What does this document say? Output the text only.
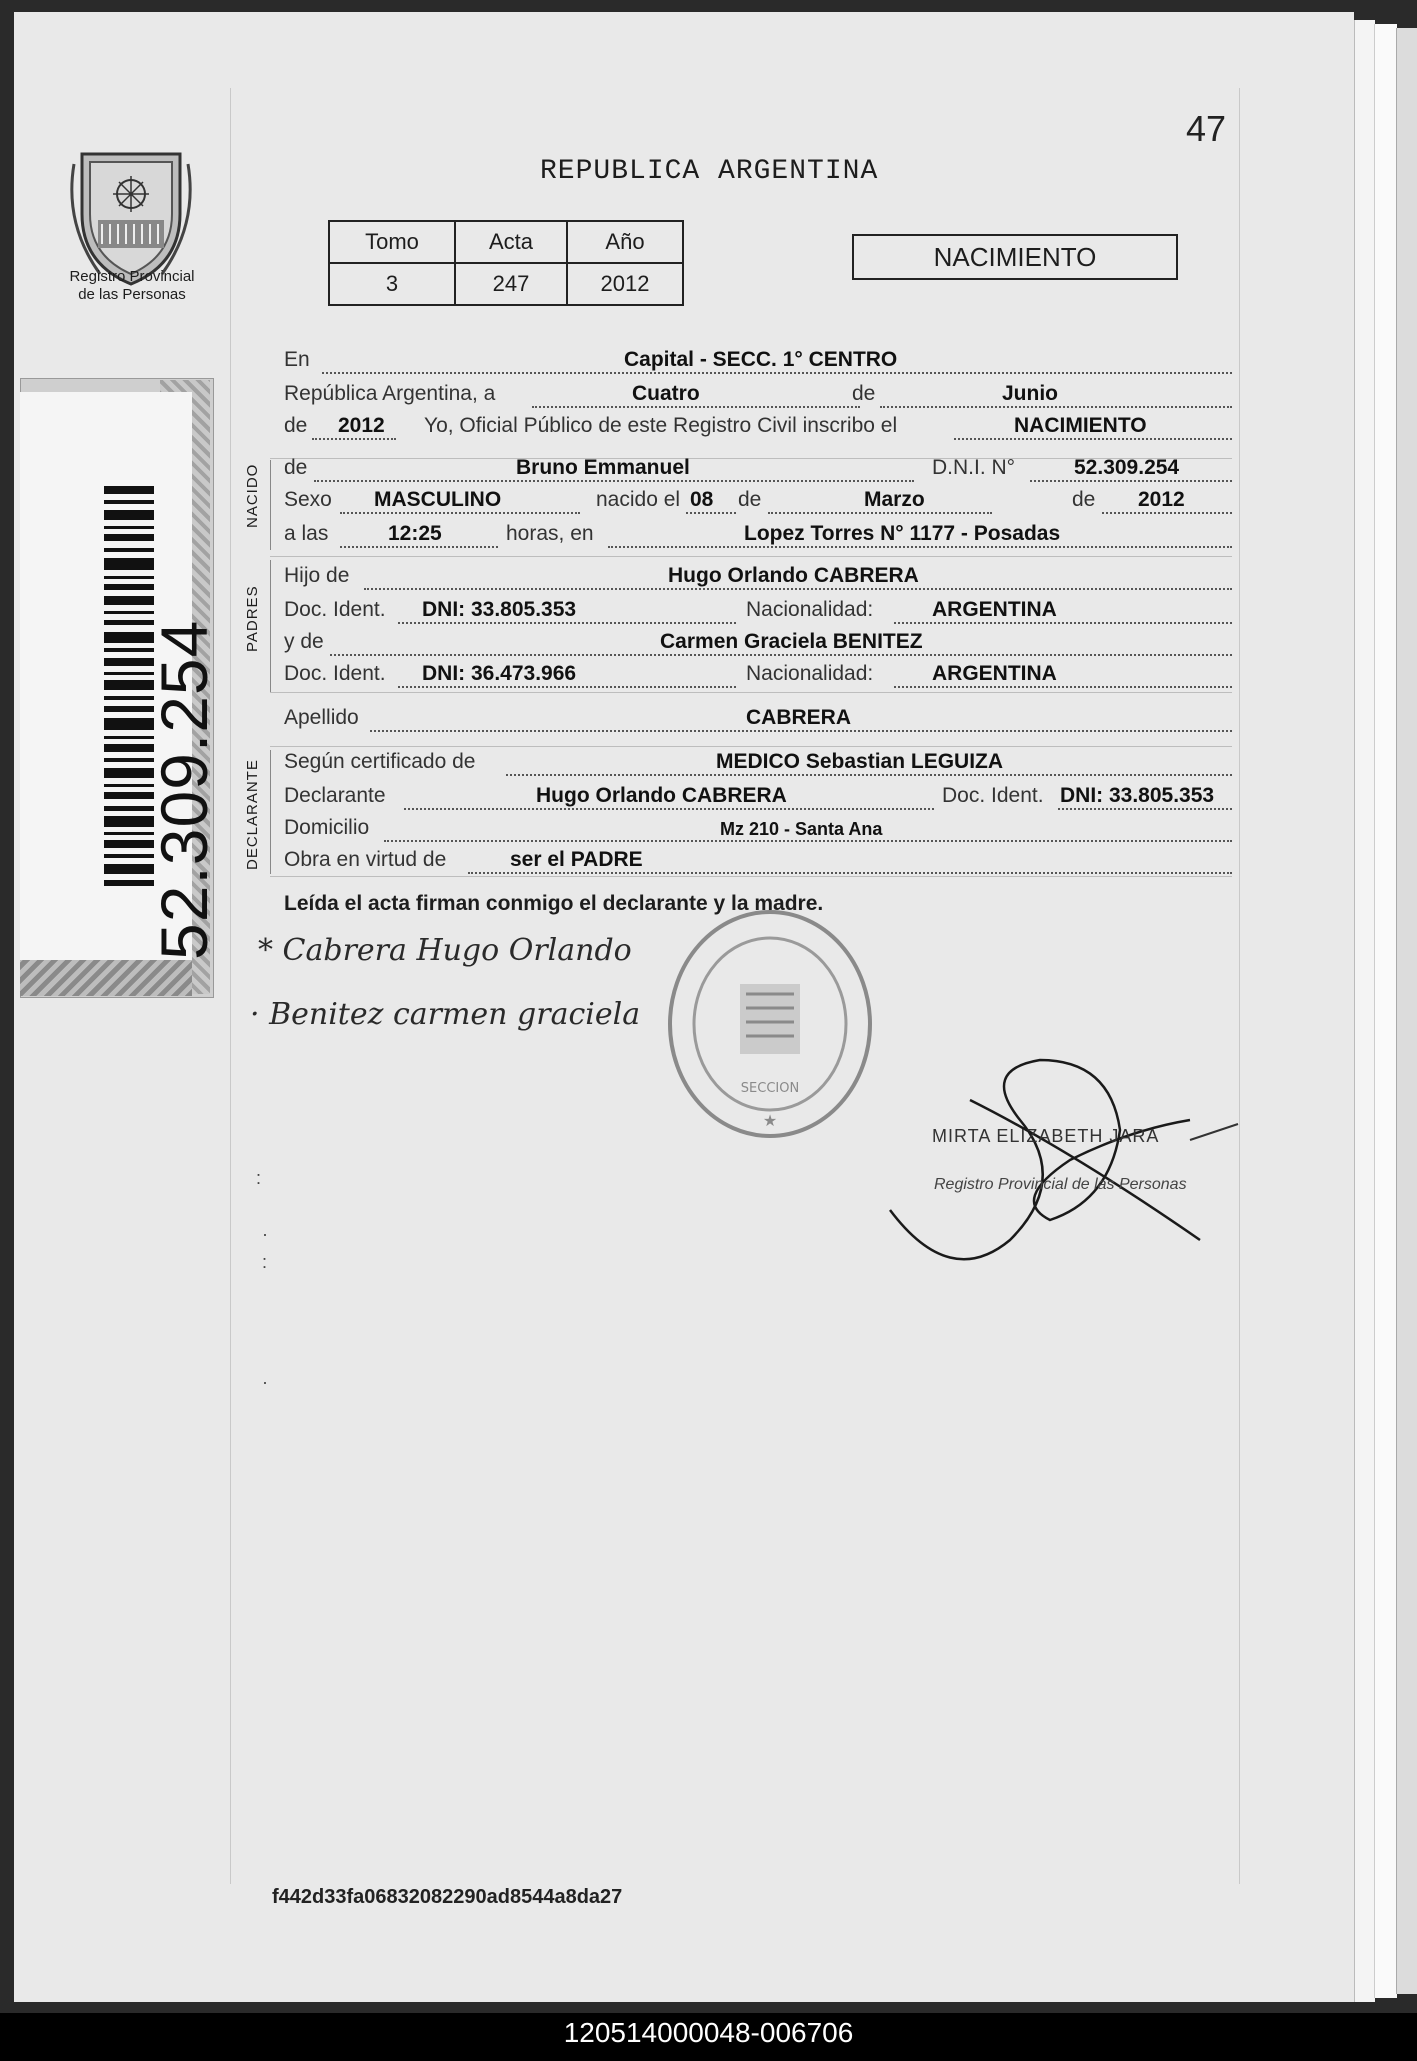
47
Registro Provincial
de las Personas
52.309.254
REPUBLICA ARGENTINA
Tomo	Acta	Año
3	247	2012
NACIMIENTO
NACIDO
PADRES
DECLARANTE
En	Capital - SECC. 1° CENTRO
República Argentina, a	Cuatro	de	Junio
de 2012 Yo, Oficial Público de este Registro Civil inscribo el	NACIMIENTO
de	Bruno Emmanuel	D.N.I. N°	52.309.254
Sexo MASCULINO	nacido el 08 de	Marzo	de 2012
a las	12:25	horas, en	Lopez Torres N° 1177 - Posadas
Hijo de	Hugo Orlando CABRERA
Doc. Ident. DNI: 33.805.353	Nacionalidad:	ARGENTINA
y de	Carmen Graciela BENITEZ
Doc. Ident. DNI: 36.473.966	Nacionalidad:	ARGENTINA
Apellido	CABRERA
Según certificado de	MEDICO Sebastian LEGUIZA
Declarante	Hugo Orlando CABRERA	Doc. Ident. DNI: 33.805.353
Domicilio	Mz 210 - Santa Ana
Obra en virtud de	ser el PADRE
Leída el acta firman conmigo el declarante y la madre.
* Cabrera Hugo Orlando
· Benitez carmen graciela
SECCION
★
MIRTA ELIZABETH JARA
Registro Provincial de las Personas
:
·
:
·
f442d33fa06832082290ad8544a8da27
120514000048-006706
